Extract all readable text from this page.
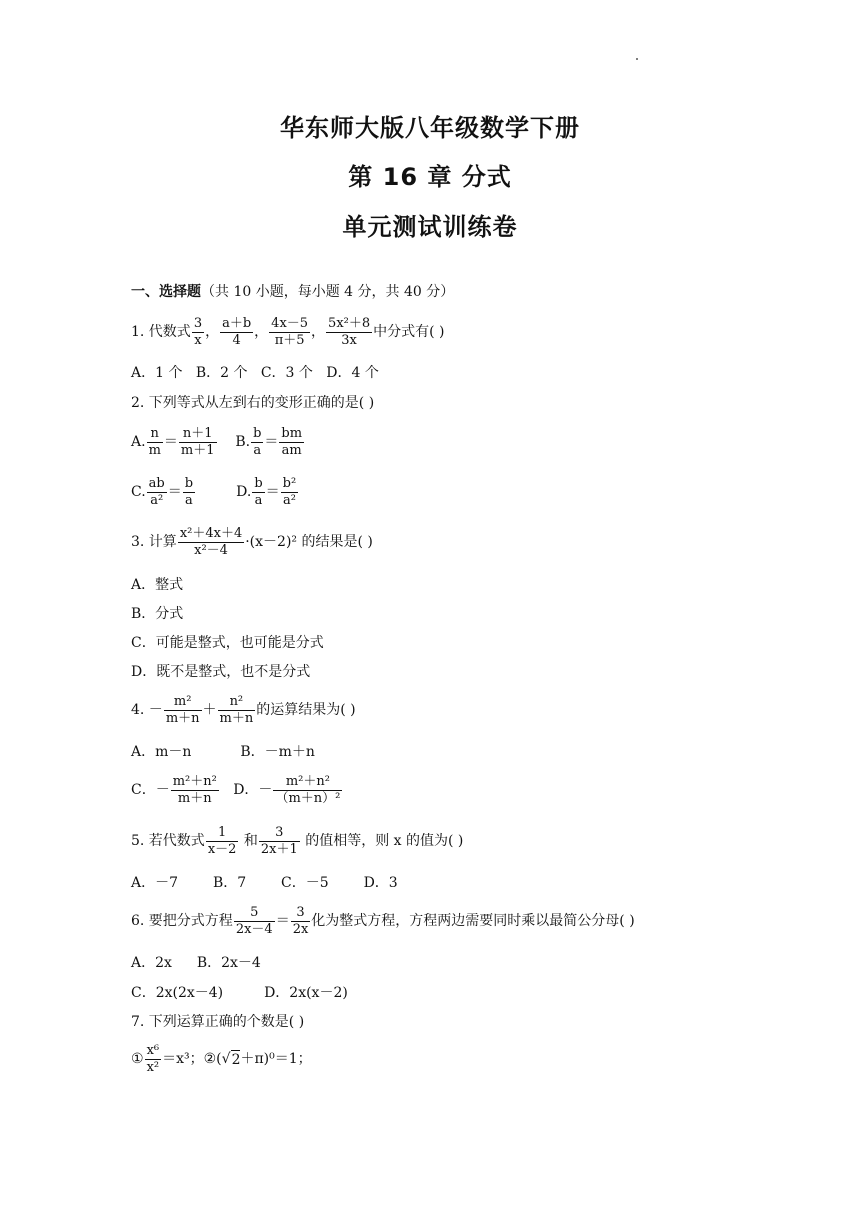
华东师大版八年级数学下册
第 16 章 分式
单元测试训练卷
一、选择题（共 10 小题，每小题 4 分，共 40 分）
1. 代数式 $\frac{3}{x}$ ， $\frac{a+b}{4}$ ， $\frac{4x-5}{\pi+5}$ ， $\frac{\text{5x²＋8}}{3x}$ 中分式有( )
A．1 个 B．2 个 C．3 个 D．4 个
2. 下列等式从左到右的变形正确的是( )
A. $\frac{n}{m} = \frac{n+1}{m+1}$
B. $\frac{b}{a} = \frac{bm}{am}$
C. $\frac{ab}{\text{a²}} = \frac{b}{a}$
	D. $\frac{b}{a} = \frac{\text{b²}}{\text{a²}}$
3. 计算 $\frac{\text{x²＋4x＋4}}{\text{x²－4}} \cdot(x-2)^2$ 的结果是( )
A．整式
B．分式
C．可能是整式，也可能是分式
D．既不是整式，也不是分式
4. － $\frac{\text{m²}}{m+n} + \frac{\text{n²}}{m+n}$ 的运算结果为( )
A．m－n	B．－m＋n
C．－ $\frac{\text{m²＋n²}}{m+n}$
D．－ $\frac{\text{m²＋n²}}{\text{（m＋n）²}}$
5. 若代数式 $\frac{1}{x-2}$
和 $\frac{3}{2x+1}$
的值相等，则 x 的值为( )
A．－7 B．7 C．－5 D．3
6. 要把分式方程 $\frac{5}{2x-4} = \frac{3}{2x}$ 化为整式方程，方程两边需要同时乘以最简公分母( )
A．2x B．2x－4
C．2x(2x－4)	D．2x(x－2)
7. 下列运算正确的个数是( )
① $\frac{\text{x⁶}}{\text{x²}} =x^3$； ②( √ 2 ＋π)⁰＝1；
